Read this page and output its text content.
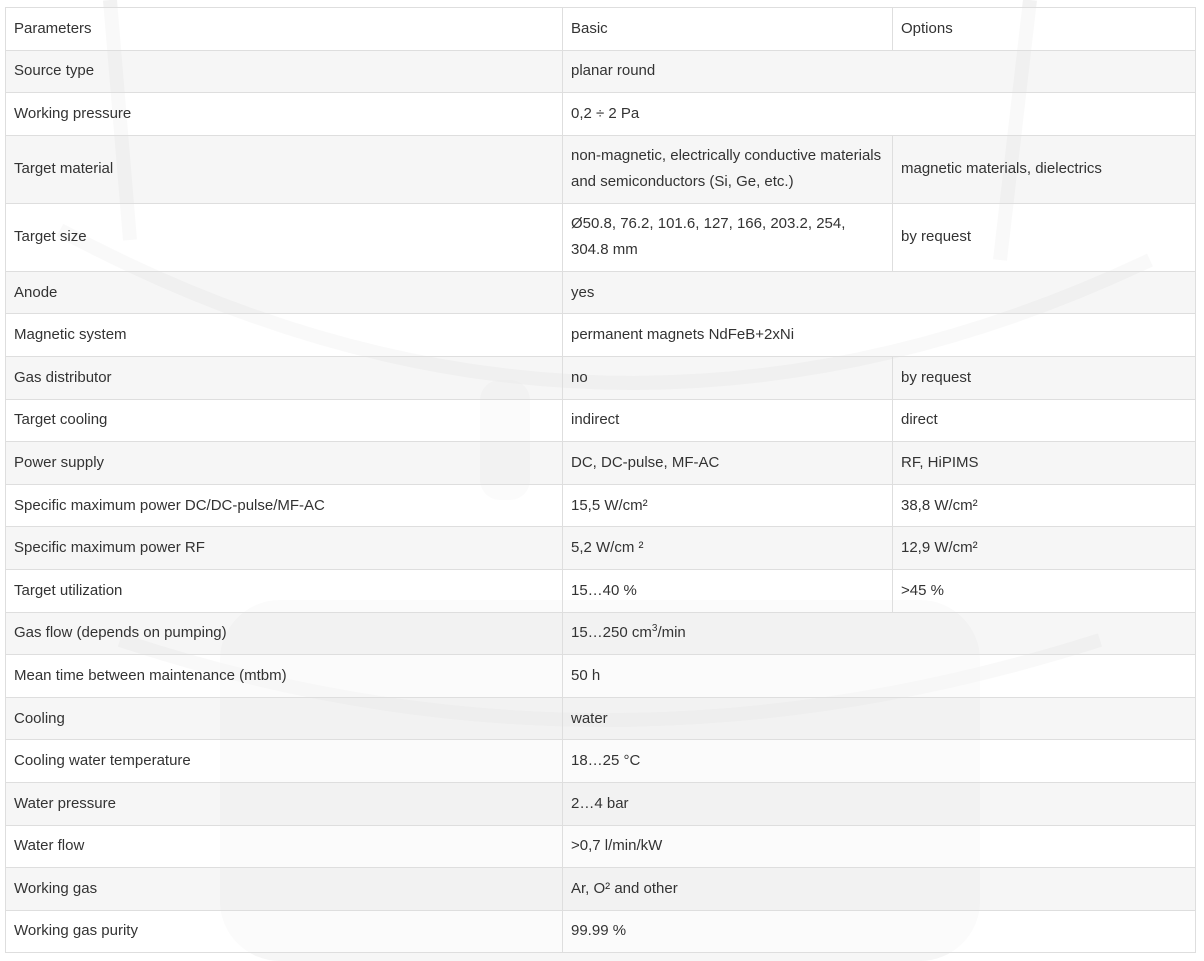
Parameters	Basic	Options
Source type	planar round	
Working pressure	0,2 ÷ 2 Pa	
Target material	non-magnetic, electrically conductive materials and semiconductors (Si, Ge, etc.)	magnetic materials, dielectrics
Target size	Ø50.8, 76.2, 101.6, 127, 166, 203.2, 254, 304.8 mm	by request
Anode	yes	
Magnetic system	permanent magnets NdFeB+2xNi	
Gas distributor	no	by request
Target cooling	indirect	direct
Power supply	DC, DC-pulse, MF-AC	RF, HiPIMS
Specific maximum power DC/DC-pulse/MF-AC	15,5 W/cm²	38,8 W/cm²
Specific maximum power RF	5,2 W/cm ²	12,9 W/cm²
Target utilization	15…40 %	>45 %
Gas flow (depends on pumping)	15…250 $cm^3/\min$	
Mean time between maintenance (mtbm)	50 h	
Cooling	water	
Cooling water temperature	18…25 °С	
Water pressure	2…4 bar	
Water flow	>0,7 l/min/kW	
Working gas	Ar, O² and other	
Working gas purity	99.99 %	
